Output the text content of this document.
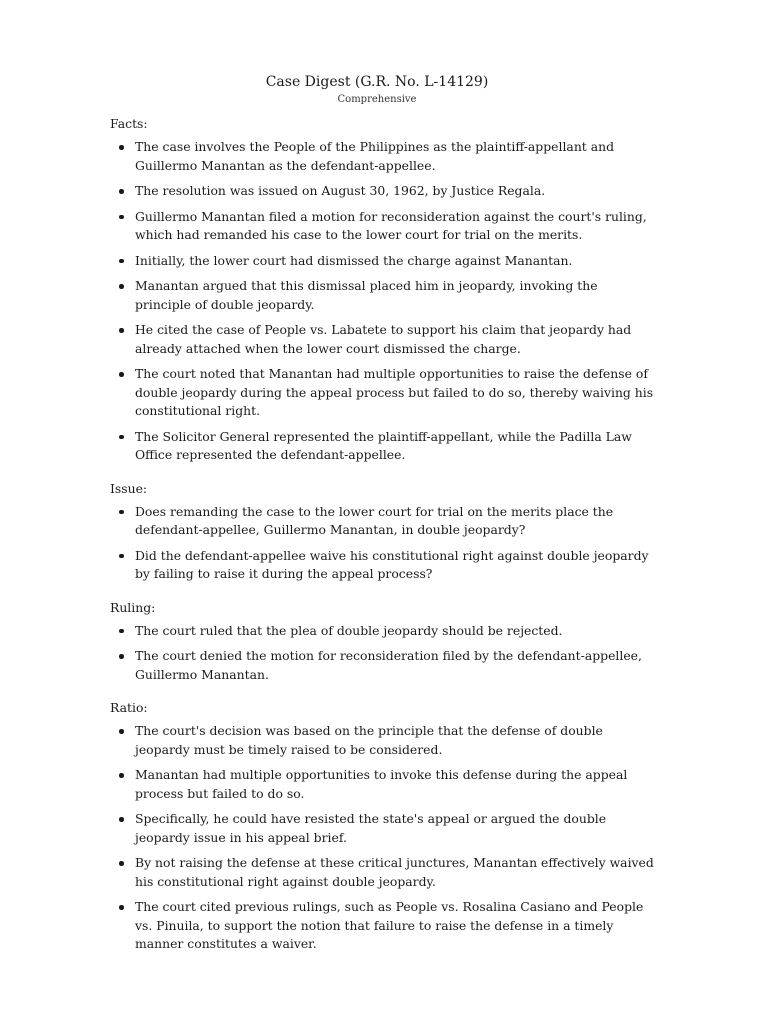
Case Digest (G.R. No. L-14129)
Comprehensive
Facts:
The case involves the People of the Philippines as the plaintiff-appellant and Guillermo Manantan as the defendant-appellee.
The resolution was issued on August 30, 1962, by Justice Regala.
Guillermo Manantan filed a motion for reconsideration against the court's ruling, which had remanded his case to the lower court for trial on the merits.
Initially, the lower court had dismissed the charge against Manantan.
Manantan argued that this dismissal placed him in jeopardy, invoking the principle of double jeopardy.
He cited the case of People vs. Labatete to support his claim that jeopardy had already attached when the lower court dismissed the charge.
The court noted that Manantan had multiple opportunities to raise the defense of double jeopardy during the appeal process but failed to do so, thereby waiving his constitutional right.
The Solicitor General represented the plaintiff-appellant, while the Padilla Law Office represented the defendant-appellee.
Issue:
Does remanding the case to the lower court for trial on the merits place the defendant-appellee, Guillermo Manantan, in double jeopardy?
Did the defendant-appellee waive his constitutional right against double jeopardy by failing to raise it during the appeal process?
Ruling:
The court ruled that the plea of double jeopardy should be rejected.
The court denied the motion for reconsideration filed by the defendant-appellee, Guillermo Manantan.
Ratio:
The court's decision was based on the principle that the defense of double jeopardy must be timely raised to be considered.
Manantan had multiple opportunities to invoke this defense during the appeal process but failed to do so.
Specifically, he could have resisted the state's appeal or argued the double jeopardy issue in his appeal brief.
By not raising the defense at these critical junctures, Manantan effectively waived his constitutional right against double jeopardy.
The court cited previous rulings, such as People vs. Rosalina Casiano and People vs. Pinuila, to support the notion that failure to raise the defense in a timely manner constitutes a waiver.
